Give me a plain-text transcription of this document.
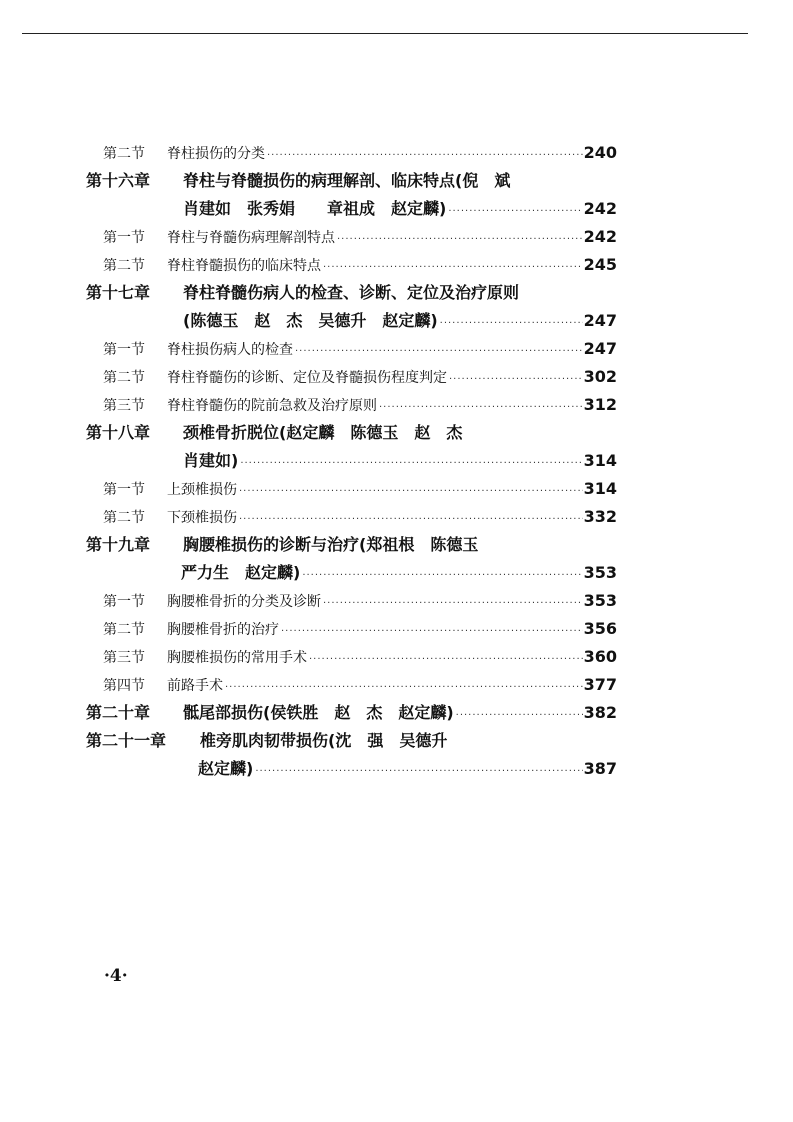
第二节	脊柱损伤的分类 ·····	240
第十六章	脊柱与脊髓损伤的病理解剖、临床特点(倪　斌
肖建如　张秀娟　　章祖成　赵定麟) ·····	242
第一节	脊柱与脊髓伤病理解剖特点 ·····	242
第二节	脊柱脊髓损伤的临床特点 ·····	245
第十七章	脊柱脊髓伤病人的检查、诊断、定位及治疗原则
(陈德玉　赵　杰　吴德升　赵定麟) ·····	247
第一节	脊柱损伤病人的检查 ·····	247
第二节	脊柱脊髓伤的诊断、定位及脊髓损伤程度判定 ·····	302
第三节	脊柱脊髓伤的院前急救及治疗原则 ·····	312
第十八章	颈椎骨折脱位(赵定麟　陈德玉　赵　杰
肖建如) ·····	314
第一节	上颈椎损伤 ·····	314
第二节	下颈椎损伤 ·····	332
第十九章	胸腰椎损伤的诊断与治疗(郑祖根　陈德玉
严力生　赵定麟) ·····	353
第一节	胸腰椎骨折的分类及诊断 ·····	353
第二节	胸腰椎骨折的治疗 ·····	356
第三节	胸腰椎损伤的常用手术 ·····	360
第四节	前路手术 ·····	377
第二十章	骶尾部损伤(侯铁胜　赵　杰　赵定麟) ·····	382
第二十一章	椎旁肌肉韧带损伤(沈　强　吴德升
赵定麟) ·····	387
·4·
